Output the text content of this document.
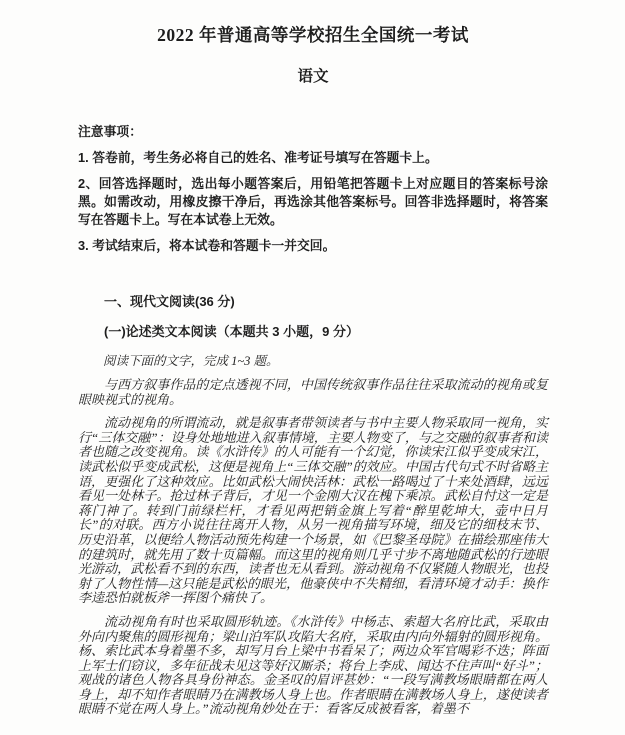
2022 年普通高等学校招生全国统一考试
语文
注意事项：

1. 答卷前，考生务必将自己的姓名、准考证号填写在答题卡上。

2、回答选择题时，选出每小题答案后，用铅笔把答题卡上对应题目的答案标号涂黑。如需改动，用橡皮擦干净后，再选涂其他答案标号。回答非选择题时，将答案写在答题卡上。写在本试卷上无效。

3. 考试结束后，将本试卷和答题卡一并交回。

一、现代文阅读(36 分)
(一)论述类文本阅读（本题共 3 小题，9 分）
阅读下面的文字，完成 1~3 题。

与西方叙事作品的定点透视不同，中国传统叙事作品往往采取流动的视角或复眼映视式的视角。

流动视角的所谓流动，就是叙事者带领读者与书中主要人物采取同一视角，实行“三体交融”：设身处地地进入叙事情境，主要人物变了，与之交融的叙事者和读者也随之改变视角。读《水浒传》的人可能有一个幻觉，你读宋江似乎变成宋江，读武松似乎变成武松，这便是视角上“三体交融”的效应。中国古代句式不时省略主语，更强化了这种效应。比如武松大闹快活林：武松一路喝过了十来处酒肆，远远看见一处林子。抢过林子背后，才见一个金刚大汉在槐下乘凉。武松自忖这一定是蒋门神了。转到门前绿栏杆，才看见两把销金旗上写着“醉里乾坤大，壶中日月长”的对联。西方小说往往离开人物，从另一视角描写环境，细及它的细枝末节、历史沿革，以便给人物活动预先构建一个场景，如《巴黎圣母院》在描绘那座伟大的建筑时，就先用了数十页篇幅。而这里的视角则几乎寸步不离地随武松的行迹眼光游动，武松看不到的东西，读者也无从看到。游动视角不仅紧随人物眼光，也投射了人物性情—这只能是武松的眼光，他豪侠中不失精细，看清环境才动手：换作李逵恐怕就板斧一挥图个痛快了。

流动视角有时也采取圆形轨迹。《水浒传》中杨志、索超大名府比武，采取由外向内聚焦的圆形视角；梁山泊军队攻陷大名府，采取由内向外辐射的圆形视角。杨、索比武本身着墨不多，却写月台上梁中书看呆了；两边众军官喝彩不迭；阵面上军士们窃议，多年征战未见这等好汉厮杀；将台上李成、闻达不住声叫“好斗”；观战的诸色人物各具身份神态。金圣叹的眉评甚妙：“一段写满教场眼睛都在两人身上，却不知作者眼睛乃在满教场人身上也。作者眼睛在满教场人身上，遂使读者眼睛不觉在两人身上。”流动视角妙处在于：看客反成被看客，着墨不
